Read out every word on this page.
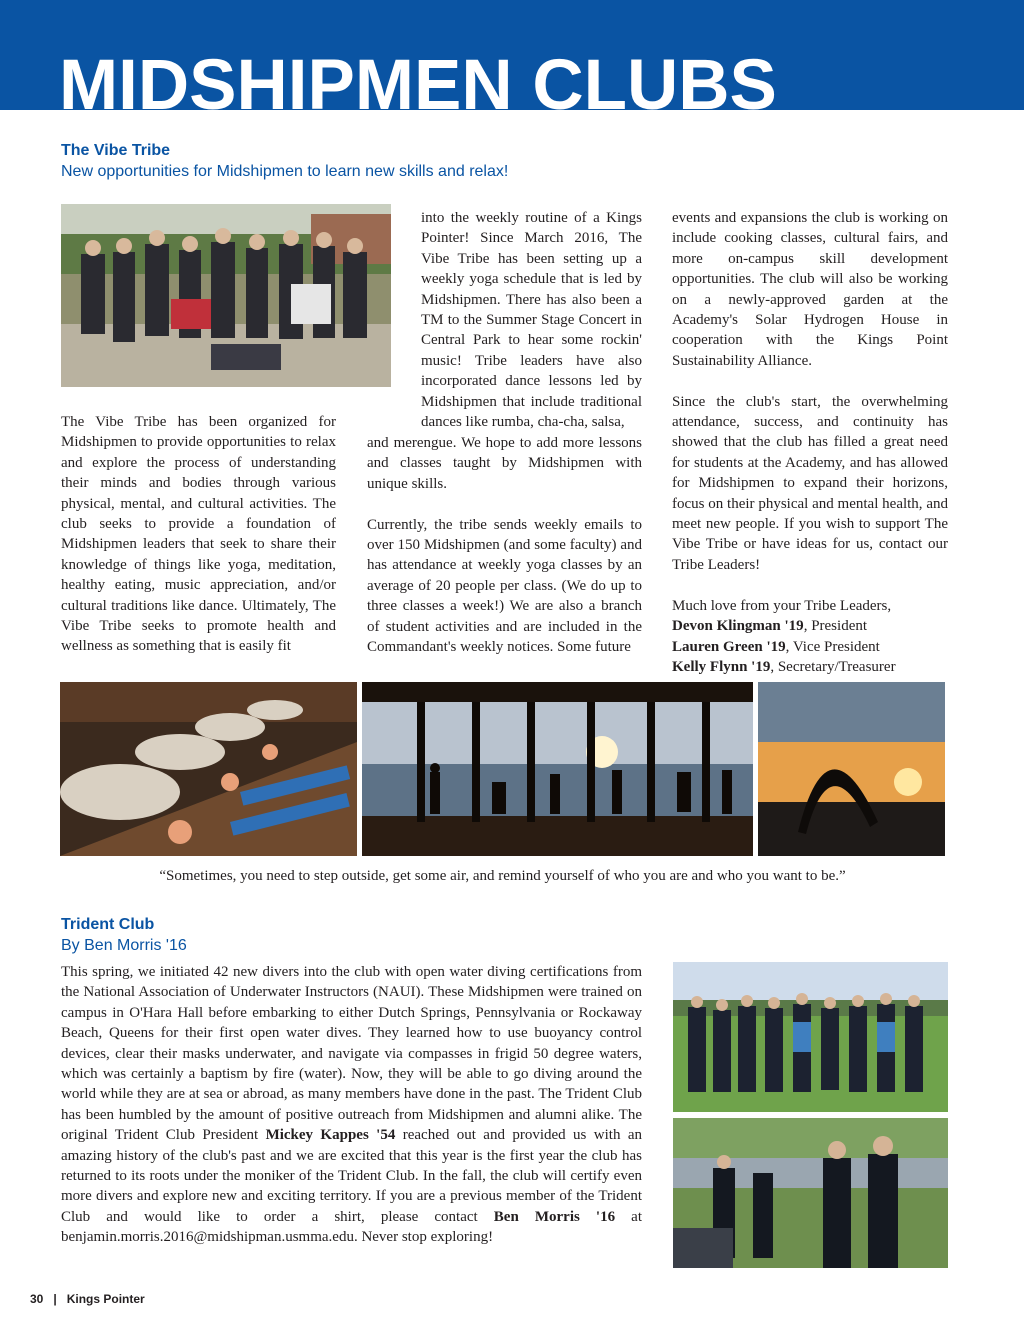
MIDSHIPMEN CLUBS
The Vibe Tribe
New opportunities for Midshipmen to learn new skills and relax!

The Vibe Tribe has been organized for Midshipmen to provide opportunities to relax and explore the process of understanding their minds and bodies through various physical, mental, and cultural activities. The club seeks to provide a foundation of Midshipmen leaders that seek to share their knowledge of things like yoga, meditation, healthy eating, music appreciation, and/or cultural traditions like dance. Ultimately, The Vibe Tribe seeks to promote health and wellness as something that is easily fit

into the weekly routine of a Kings Pointer! Since March 2016, The Vibe Tribe has been setting up a weekly yoga schedule that is led by Midshipmen. There has also been a TM to the Summer Stage Concert in Central Park to hear some rockin' music! Tribe leaders have also incorporated dance lessons led by Midshipmen that include traditional dances like rumba, cha-cha, salsa,

and merengue. We hope to add more lessons and classes taught by Midshipmen with unique skills.

Currently, the tribe sends weekly emails to over 150 Midshipmen (and some faculty) and has attendance at weekly yoga classes by an average of 20 people per class. (We do up to three classes a week!) We are also a branch of student activities and are included in the Commandant's weekly notices. Some future

events and expansions the club is working on include cooking classes, cultural fairs, and more on-campus skill development opportunities. The club will also be working on a newly-approved garden at the Academy's Solar Hydrogen House in cooperation with the Kings Point Sustainability Alliance.

Since the club's start, the overwhelming attendance, success, and continuity has showed that the club has filled a great need for students at the Academy, and has allowed for Midshipmen to expand their horizons, focus on their physical and mental health, and meet new people. If you wish to support The Vibe Tribe or have ideas for us, contact our Tribe Leaders!

Much love from your Tribe Leaders,
Devon Klingman '19, President
Lauren Green '19, Vice President
Kelly Flynn '19, Secretary/Treasurer

“Sometimes, you need to step outside, get some air, and remind yourself of who you are and who you want to be.”
Trident Club
By Ben Morris '16

This spring, we initiated 42 new divers into the club with open water diving certifications from the National Association of Underwater Instructors (NAUI). These Midshipmen were trained on campus in O'Hara Hall before embarking to either Dutch Springs, Pennsylvania or Rockaway Beach, Queens for their first open water dives. They learned how to use buoyancy control devices, clear their masks underwater, and navigate via compasses in frigid 50 degree waters, which was certainly a baptism by fire (water). Now, they will be able to go diving around the world while they are at sea or abroad, as many members have done in the past. The Trident Club has been humbled by the amount of positive outreach from Midshipmen and alumni alike. The original Trident Club President Mickey Kappes '54 reached out and provided us with an amazing history of the club's past and we are excited that this year is the first year the club has returned to its roots under the moniker of the Trident Club. In the fall, the club will certify even more divers and explore new and exciting territory. If you are a previous member of the Trident Club and would like to order a shirt, please contact Ben Morris '16 at benjamin.morris.2016@midshipman.usmma.edu. Never stop exploring!

30 | Kings Pointer
